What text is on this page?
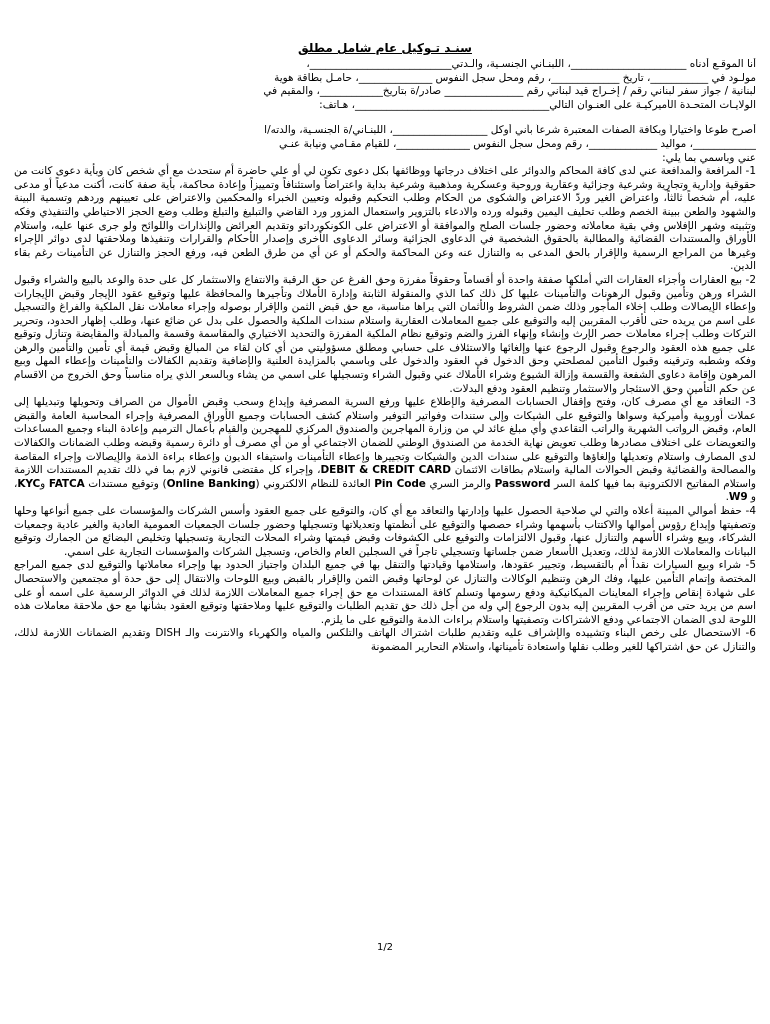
سنـد تـوكيل عام شامل مطلق

أنا الموقـع أدناه ______________________، اللبنـاني الجنسـية، والـدتي___________________________،

مولـود في ___________، تاريخ _____________، رقم ومحل سجل النفوس ______________، حامـل بطاقة هوية

لبنانية / جواز سفر لبناني رقم / إخـراج قيد لبناني رقم _______________ صادر/ة بتاريخ____________، والمقيم في

الولايـات المتحـدة الأميركيـة على العنـوان التالي_____________________________________، هـاتف:

أصرح طوعاً واختياراً وبكافة الصفات المعتبرة شرعاً بأني أوكل __________________، اللبنـاني/ة الجنسـية، والدته/ا

____________، مواليد _____________، رقم ومحل سجل النفوس ______________، للقيام مقـامي ونيابة عنـي

عني وباسمي بما يلي:

1- المرافعة والمدافعة عني لدى كافة المحاكم والدوائر على اختلاف درجاتها ووظائفها بكل دعوى تكون لي أو علي حاضرة أم ستحدث مع أي شخص كان وبأية دعوى كانت من حقوقية وإدارية وتجارية وشرعية وجزائية وعقارية وروحية وعسكرية ومذهبية وشرعية بداية واعتراضاً واستئنافاً وتمييزاً وإعادة محاكمة، بأية صفة كانت، أكنت مدعياً أو مدعى عليه، أم شخصاً ثالثاً، واعتراض الغير وردّ الاعتراض والشكوى من الحكام وطلب التحكيم وقبوله وتعيين الخبراء والمحكمين والاعتراض على تعيينهم وردهم وتسمية البينة والشهود والطعن ببينة الخصم وطلب تحليف اليمين وقبوله ورده والادعاء بالتزوير واستعمال المزور ورد القاضي والتبليغ والتبلغ وطلب وضع الحجز الاحتياطي والتنفيذي وفكه وتثبيته وشهر الإفلاس وفي بقية معاملاته وحضور جلسات الصلح والموافقة أو الاعتراض على الكونكورداتو وتقديم العرائض والإنذارات واللوائح ولو جرى عنها عليه، واستلام الأوراق والمستندات القضائية والمطالبة بالحقوق الشخصية في الدعاوى الجزائية وسائر الدعاوى الأخرى وإصدار الأحكام والقرارات وتنفيذها وملاحقتها لدى دوائر الإجراء وغيرها من المراجع الرسمية والإقرار بالحق المدعى به والتنازل عنه وعن المحاكمة والحكم أو عن أي من طرق الطعن فيه، ورفع الحجز والتنازل عن التأمينات رغم بقاء الدين.

2- بيع العقارات وأجزاء العقارات التي أملكها صفقة واحدة أو أقساماً وحقوقاً مفرزة وحق الفرغ عن حق الرقبة والانتفاع والاستثمار كل على حدة والوعد بالبيع والشراء وقبول الشراء ورهن وتأمين وقبول الرهونات والتأمينات عليها كل ذلك كما الذي والمنقولة الثابتة وإدارة الأملاك وتأجيرها والمحافظة عليها وتوقيع عقود الإيجار وقبض الإيجارات وإعطاء الإيصالات وطلب إخلاء المأجور وذلك ضمن الشروط والأثمان التي يراها مناسبة، مع حق قبض الثمن والإقرار بوصوله وإجراء معاملات نقل الملكية والفراغ والتسجيل على اسم من يريده حتى لأقرب المقربين إليه والتوقيع على جميع المعاملات العقارية واستلام سندات الملكية والحصول على بدل عن ضائع عنها، وطلب إظهار الحدود، وتحرير التركات وطلب إجراء معاملات حصر الإرث وإنشاء وإنهاء الفرز والضم وتوقيع نظام الملكية المفرزة والتحديد الاختياري والمقاسمة وقسمة والمبادلة والمقايضة وتنازل وتوقيع على جميع هذه العقود والرجوع وقبول الرجوع عنها وإلغائها والاستئلاف على حسابي ومطلق مسؤوليتي من أي كان لقاء من المبالغ وقبض قيمة أي تأمين والتأمين والرهن وفكه وشطبه وترقينه وقبول التأمين لمصلحتي وحق الدخول في العقود والدخول على وباسمي بالمزايدة العلنية والإضافية وتقديم الكفالات والتأمينات وإعطاء المهل وبيع المرهون وإقامة دعاوى الشفعة والقسمة وإزالة الشيوع وشراء الأملاك عني وقبول الشراء وتسجيلها على اسمي من يشاء وبالسعر الذي يراه مناسباً وحق الخروج من الاقسام عن حكم التأمين وحق الاستئجار والاستثمار وتنظيم العقود ودفع البدلات.

3- التعاقد مع أي مصرف كان، وفتح وإقفال الحسابات المصرفية والإطلاع عليها ورفع السرية المصرفية وإيداع وسحب وقبض الأموال من الصراف وتحويلها وتبديلها إلى عملات أوروبية وأميركية وسواها والتوقيع على الشيكات وإلى ستندات وفواتير التوفير واستلام كشف الحسابات وجميع الأوراق المصرفية وإجراء المحاسبة العامة والقبض العام، وقبض الرواتب الشهرية والراتب التقاعدي وأي مبلغ عائد لي من وزارة المهاجرين والصندوق المركزي للمهجرين والقيام بأعمال الترميم وإعادة البناء وجميع المساعدات والتعويضات على اختلاف مصادرها وطلب تعويض نهاية الخدمة من الصندوق الوطني للضمان الاجتماعي أو من أي مصرف أو دائرة رسمية وقبضه وطلب الضمانات والكفالات لدى المصارف واستلام وتعديلها وإلغاؤها والتوقيع على سندات الدين والشيكات وتجييرها وإعطاء التأمينات واستيفاء الديون وإعطاء براءة الذمة والإيصالات وإجراء المقاصة والمصالحة والقضائية وقبض الحوالات المالية واستلام بطاقات الائتمان DEBIT & CREDIT CARD، وإجراء كل مقتضى قانوني لازم بما في ذلك تقديم المستندات اللازمة واستلام المفاتيح الالكترونية بما فيها كلمة السر Password والرمز السري Pin Code العائدة للنظام الالكتروني (Online Banking) وتوقيع مستندات FATCA وKYC، و W9.

4- حفظ أموالي المبينة أعلاه والتي لي صلاحية الحصول عليها وإدارتها والتعاقد مع أي كان، والتوقيع على جميع العقود وأسس الشركات والمؤسسات على جميع أنواعها وحلها وتصفيتها وإيداع رؤوس أموالها والاكتتاب بأسهمها وشراء حصصها والتوقيع على أنظمتها وتعديلاتها وتسجيلها وحضور جلسات الجمعيات العمومية العادية والغير عادية وجمعيات الشركاء، وبيع وشراء الأسهم والتنازل عنها، وقبول الالتزامات والتوقيع على الكشوفات وقبض قيمتها وشراء المحلات التجارية وتسجيلها وتخليص البضائع من الجمارك وتوقيع البيانات والمعاملات اللازمة لذلك، وتعديل الأسعار ضمن جلساتها وتسجيلي تاجراً في السجلين العام والخاص، وتسجيل الشركات والمؤسسات التجارية على اسمي.

5- شراء وبيع السيارات نقداً أم بالتقسيط، وتجيير عقودها، واستلامها وقيادتها والتنقل بها في جميع البلدان واجتياز الحدود بها وإجراء معاملاتها والتوقيع لدى جميع المراجع المختصة وإتمام التأمين عليها، وفك الرهن وتنظيم الوكالات والتنازل عن لوحاتها وقبض الثمن والإقرار بالقبض وبيع اللوحات والانتقال إلى حق حدة أو مجتمعين والاستحصال على شهادة إنقاص وإجراء المعاينات الميكانيكية ودفع رسومها وتسلم كافة المستندات مع حق إجراء جميع المعاملات اللازمة لذلك في الدوائر الرسمية على اسمه أو على اسم من يريد حتى من أقرب المقربين إليه بدون الرجوع إلي وله من أجل ذلك حق تقديم الطلبات والتوقيع عليها وملاحقتها وتوقيع العقود بشأنها مع حق ملاحقة معاملات هذه اللوحة لدى الضمان الاجتماعي ودفع الاشتراكات وتصفيتها واستلام براءات الذمة والتوقيع على ما يلزم.

6- الاستحصال على رخص البناء وتشييده والإشراف عليه وتقديم طلبات اشتراك الهاتف والتلكس والمياه والكهرباء والانترنت والـ DISH وتقديم الضمانات اللازمة لذلك، والتنازل عن حق اشتراكها للغير وطلب نقلها واستعادة تأميناتها، واستلام التحارير المضمونة

1/2
